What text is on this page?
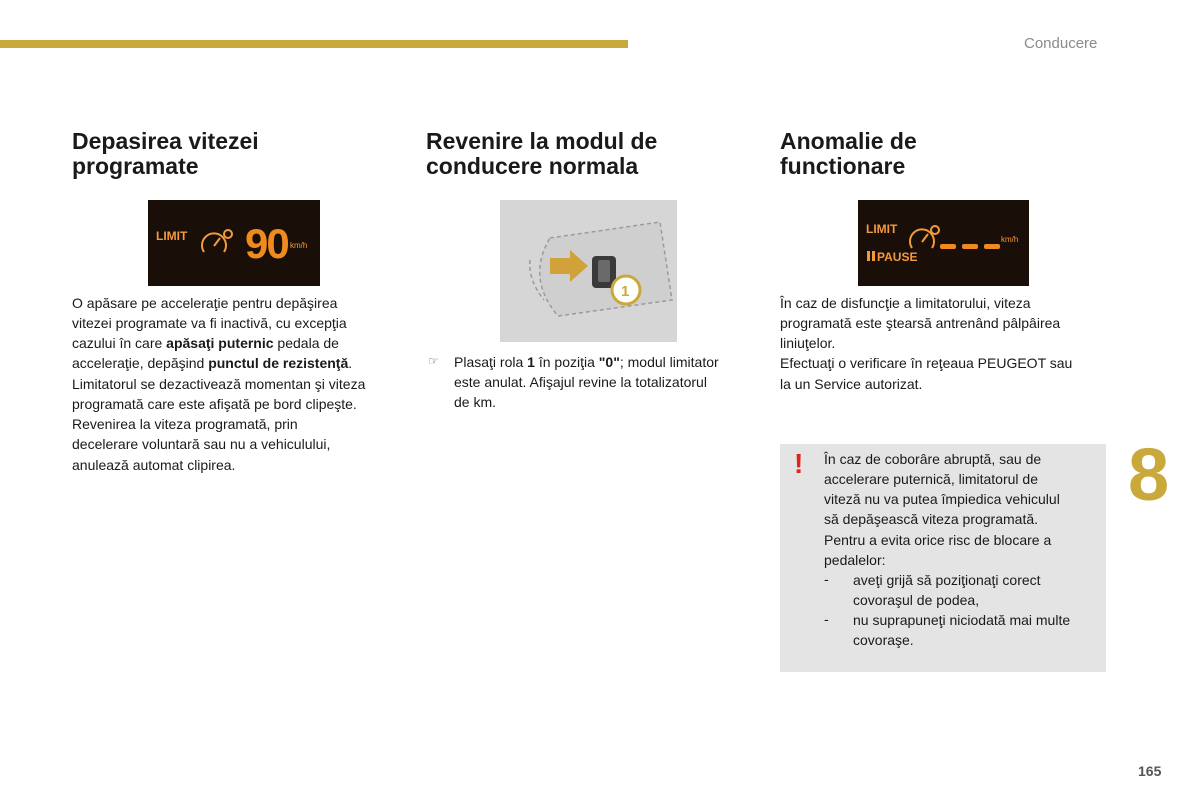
Conducere
Depasirea vitezei
programate
LIMIT 90 km/h

O apăsare pe acceleraţie pentru depăşirea

vitezei programate va fi inactivă, cu excepţia

cazului în care apăsaţi puternic pedala de

acceleraţie, depăşind punctul de rezistenţă.

Limitatorul se dezactivează momentan şi viteza

programată care este afişată pe bord clipeşte.

Revenirea la viteza programată, prin

decelerare voluntară sau nu a vehiculului,

anulează automat clipirea.

Revenire la modul de
conducere normala
1
☞ Plasaţi rola 1 în poziţia "0"; modul limitator

este anulat. Afişajul revine la totalizatorul

de km.

Anomalie de
functionare
LIMIT
PAUSE
km/h

În caz de disfuncţie a limitatorului, viteza

programată este ştearsă antrenând pâlpâirea

liniuţelor.

Efectuaţi o verificare în reţeaua PEUGEOT sau

la un Service autorizat.

! În caz de coborâre abruptă, sau de

accelerare puternică, limitatorul de

viteză nu va putea împiedica vehiculul

să depăşească viteza programată.

Pentru a evita orice risc de blocare a

pedalelor:

- aveţi grijă să poziţionaţi corect

covoraşul de podea,

- nu suprapuneţi niciodată mai multe

covoraşe.

8
165
